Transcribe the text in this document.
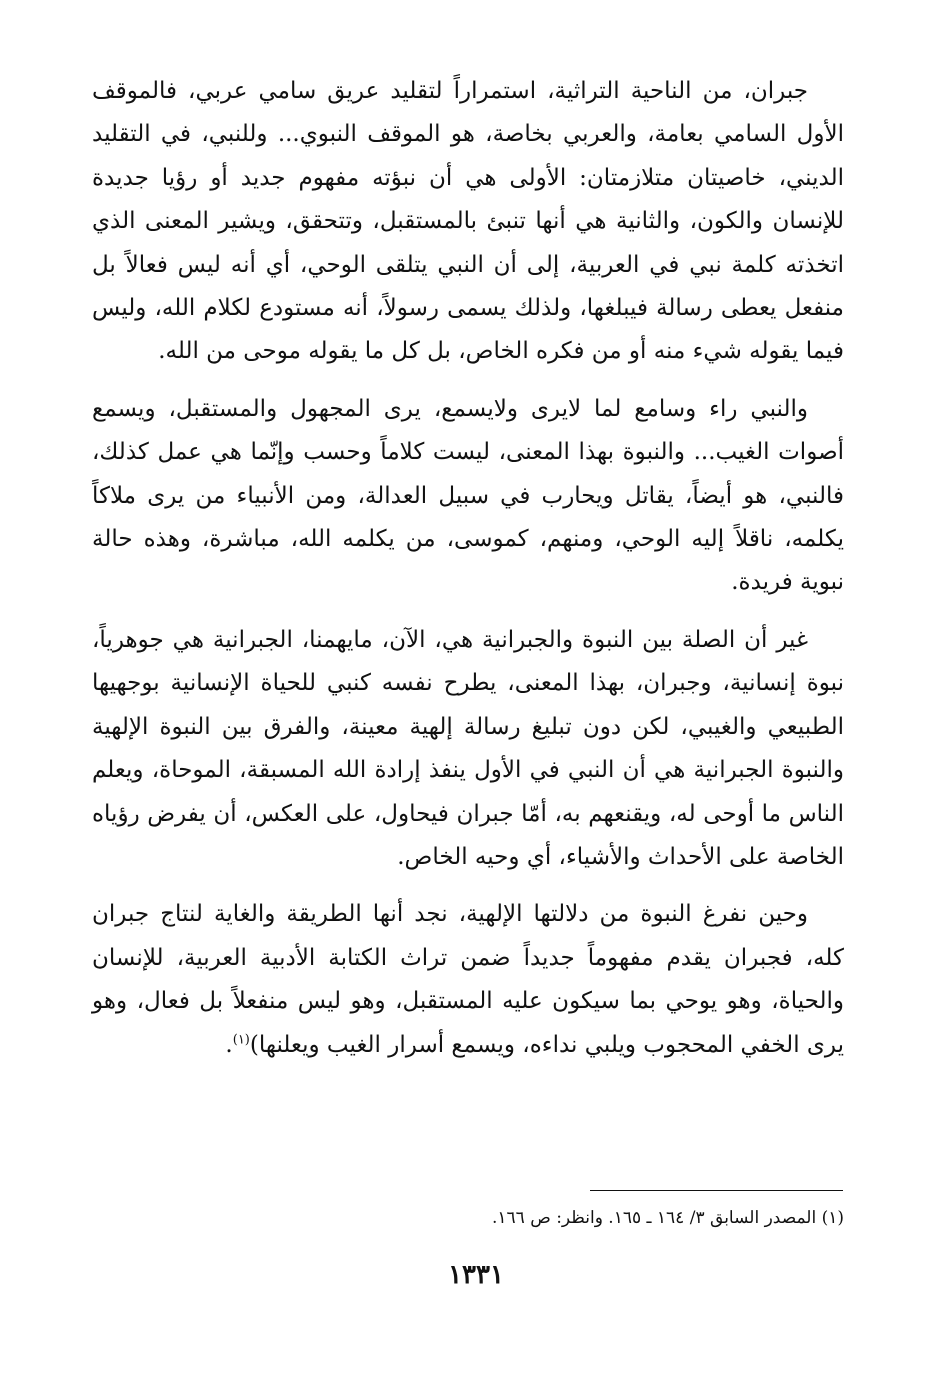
جبران، من الناحية التراثية، استمراراً لتقليد عريق سامي عربي، فالموقف الأول السامي بعامة، والعربي بخاصة، هو الموقف النبوي... وللنبي، في التقليد الديني، خاصيتان متلازمتان: الأولى هي أن نبؤته مفهوم جديد أو رؤيا جديدة للإنسان والكون، والثانية هي أنها تنبئ بالمستقبل، وتتحقق، ويشير المعنى الذي اتخذته كلمة نبي في العربية، إلى أن النبي يتلقى الوحي، أي أنه ليس فعالاً بل منفعل يعطى رسالة فيبلغها، ولذلك يسمى رسولاً، أنه مستودع لكلام الله، وليس فيما يقوله شيء منه أو من فكره الخاص، بل كل ما يقوله موحى من الله.

والنبي راء وسامع لما لايرى ولايسمع، يرى المجهول والمستقبل، ويسمع أصوات الغيب... والنبوة بهذا المعنى، ليست كلاماً وحسب وإنّما هي عمل كذلك، فالنبي، هو أيضاً، يقاتل ويحارب في سبيل العدالة، ومن الأنبياء من يرى ملاكاً يكلمه، ناقلاً إليه الوحي، ومنهم، كموسى، من يكلمه الله، مباشرة، وهذه حالة نبوية فريدة.

غير أن الصلة بين النبوة والجبرانية هي، الآن، مايهمنا، الجبرانية هي جوهرياً، نبوة إنسانية، وجبران، بهذا المعنى، يطرح نفسه كنبي للحياة الإنسانية بوجهيها الطبيعي والغيبي، لكن دون تبليغ رسالة إلهية معينة، والفرق بين النبوة الإلهية والنبوة الجبرانية هي أن النبي في الأول ينفذ إرادة الله المسبقة، الموحاة، ويعلم الناس ما أوحى له، ويقنعهم به، أمّا جبران فيحاول، على العكس، أن يفرض رؤياه الخاصة على الأحداث والأشياء، أي وحيه الخاص.

وحين نفرغ النبوة من دلالتها الإلهية، نجد أنها الطريقة والغاية لنتاج جبران كله، فجبران يقدم مفهوماً جديداً ضمن تراث الكتابة الأدبية العربية، للإنسان والحياة، وهو يوحي بما سيكون عليه المستقبل، وهو ليس منفعلاً بل فعال، وهو يرى الخفي المحجوب ويلبي نداءه، ويسمع أسرار الغيب ويعلنها)$^{(١)}$.

(١) المصدر السابق ٣/ ١٦٤ ـ ١٦٥. وانظر: ص ١٦٦.
١٣٣١
